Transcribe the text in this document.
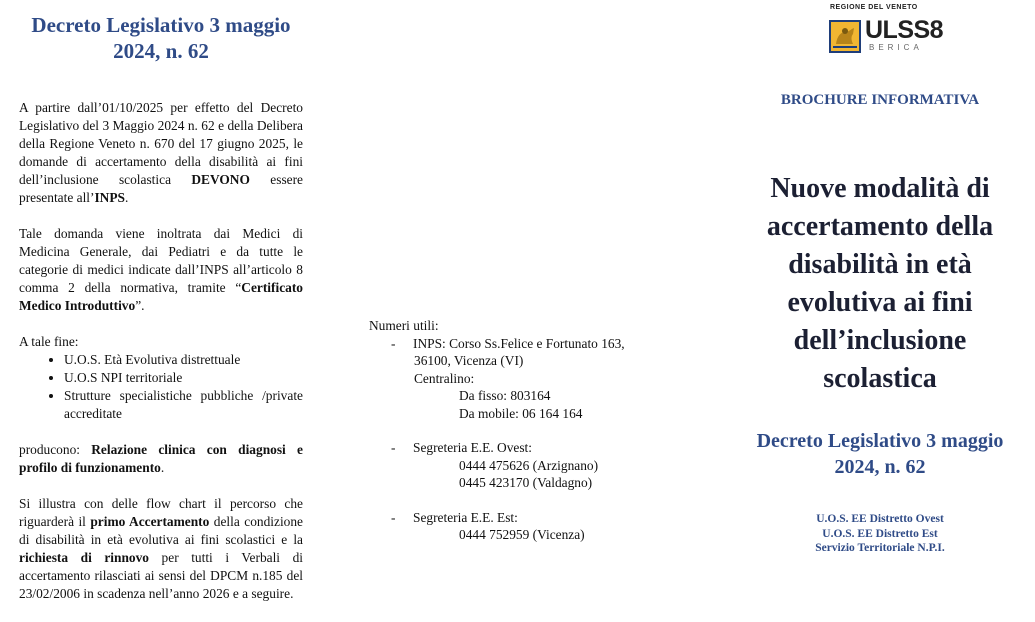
Decreto Legislativo 3 maggio 2024, n. 62

A partire dall’01/10/2025 per effetto del Decreto Legislativo del 3 Maggio 2024 n. 62 e della Delibera della Regione Veneto n. 670 del 17 giugno 2025, le domande di accertamento della disabilità ai fini dell’inclusione scolastica DEVONO essere presentate all’INPS.

Tale domanda viene inoltrata dai Medici di Medicina Generale, dai Pediatri e da tutte le categorie di medici indicate dall’INPS all’articolo 8 comma 2 della normativa, tramite “Certificato Medico Introduttivo”.

A tale fine:

• U.O.S. Età Evolutiva distrettuale
• U.O.S NPI territoriale
• Strutture specialistiche pubbliche /private accreditate

producono: Relazione clinica con diagnosi e profilo di funzionamento.

Si illustra con delle flow chart il percorso che riguarderà il primo Accertamento della condizione di disabilità in età evolutiva ai fini scolastici e la richiesta di rinnovo per tutti i Verbali di accertamento rilasciati ai sensi del DPCM n.185 del 23/02/2006 in scadenza nell’anno 2026 e a seguire.

Numeri utili:
-	INPS: Corso Ss.Felice e Fortunato 163,
36100, Vicenza (VI)
Centralino:
Da fisso: 803164
Da mobile: 06 164 164
-	Segreteria E.E. Ovest:
0444 475626 (Arzignano)
0445 423170 (Valdagno)
-	Segreteria E.E. Est:
0444 752959 (Vicenza)
REGIONE DEL VENETO
ULSS8
BERICA
BROCHURE INFORMATIVA
Nuove modalità di
accertamento della
disabilità in età
evolutiva ai fini
dell’inclusione
scolastica
Decreto Legislativo 3 maggio 2024, n. 62
U.O.S. EE Distretto Ovest
U.O.S. EE Distretto Est
Servizio Territoriale N.P.I.
